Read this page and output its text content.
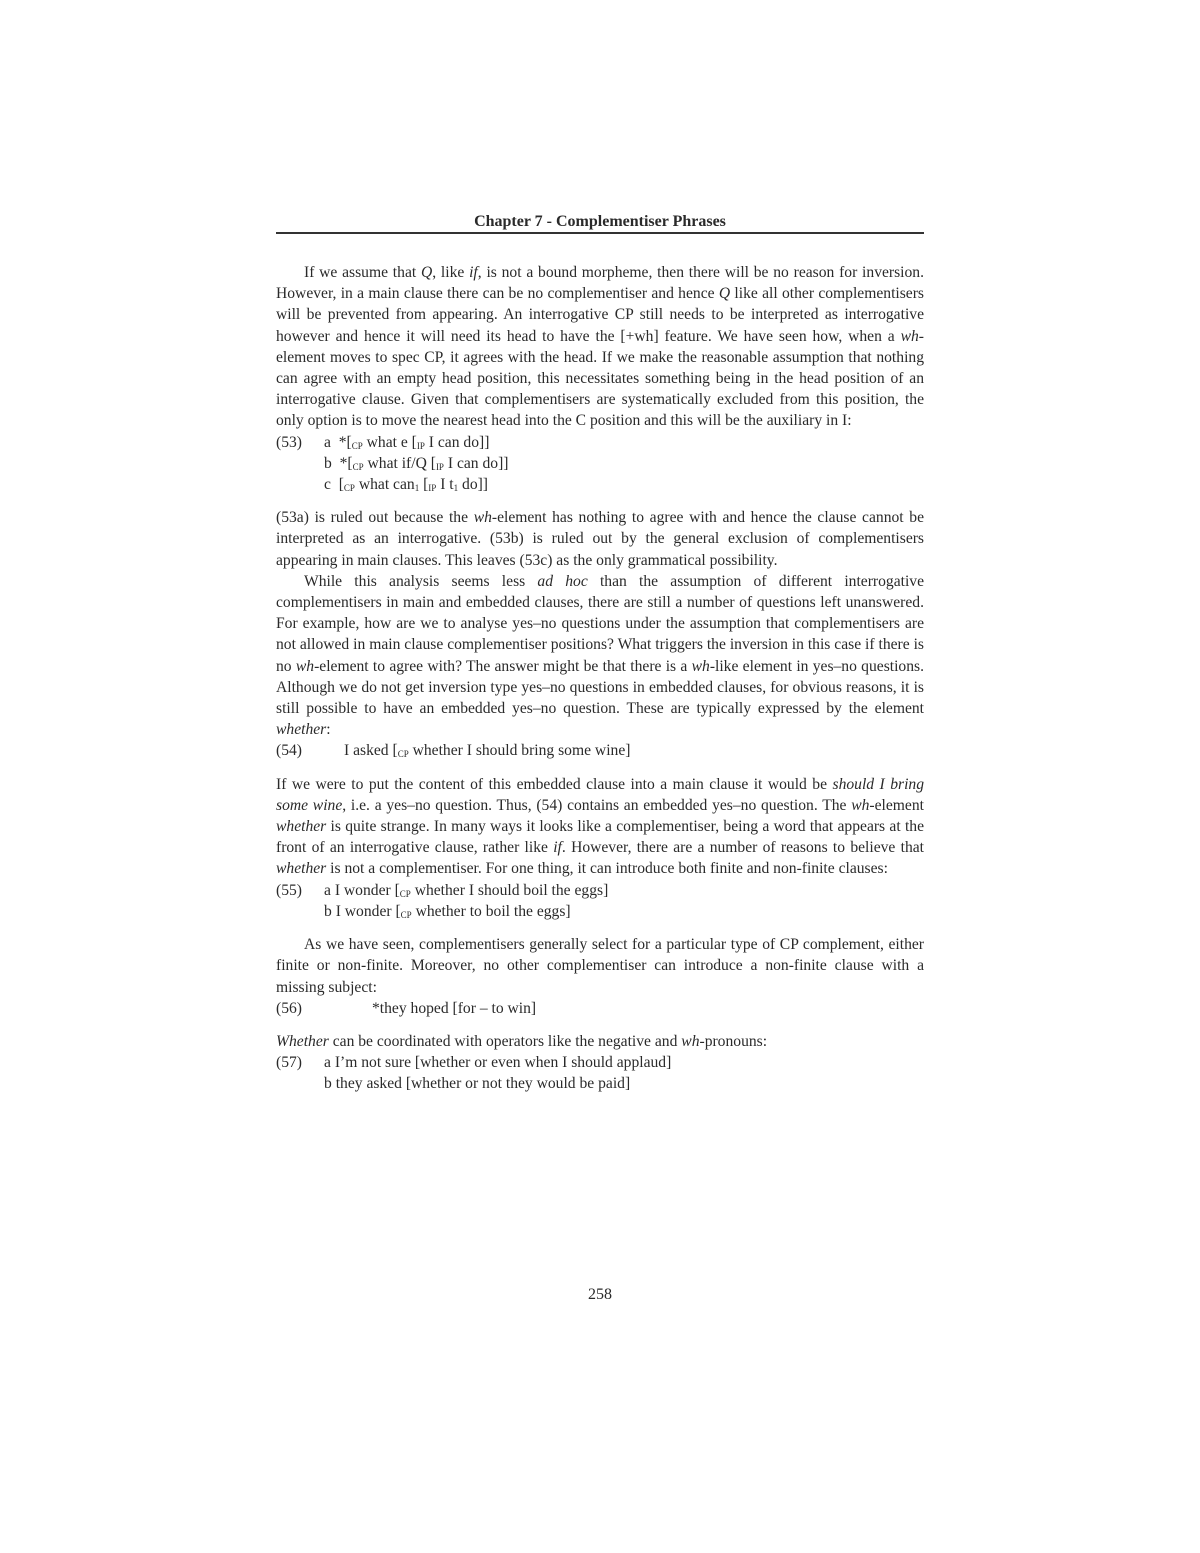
Chapter 7 - Complementiser Phrases

If we assume that Q, like if, is not a bound morpheme, then there will be no reason for inversion. However, in a main clause there can be no complementiser and hence Q like all other complementisers will be prevented from appearing. An interrogative CP still needs to be interpreted as interrogative however and hence it will need its head to have the [+wh] feature. We have seen how, when a wh-element moves to spec CP, it agrees with the head. If we make the reasonable assumption that nothing can agree with an empty head position, this necessitates something being in the head position of an interrogative clause. Given that complementisers are systematically excluded from this position, the only option is to move the nearest head into the C position and this will be the auxiliary in I:

(53)	a  $*[_{CP}$ what e [$_{IP}$ I can do]]
b  $*[_{CP}$ what if/Q [$_{IP}$ I can do]]
c  [$_{CP}$ what can$_1$ [$_{IP}$ I $t_1$ do]]

(53a) is ruled out because the wh-element has nothing to agree with and hence the clause cannot be interpreted as an interrogative. (53b) is ruled out by the general exclusion of complementisers appearing in main clauses. This leaves (53c) as the only grammatical possibility.

While this analysis seems less ad hoc than the assumption of different interrogative complementisers in main and embedded clauses, there are still a number of questions left unanswered. For example, how are we to analyse yes–no questions under the assumption that complementisers are not allowed in main clause complementiser positions? What triggers the inversion in this case if there is no wh-element to agree with? The answer might be that there is a wh-like element in yes–no questions. Although we do not get inversion type yes–no questions in embedded clauses, for obvious reasons, it is still possible to have an embedded yes–no question. These are typically expressed by the element whether:

(54)	I asked [$_{CP}$ whether I should bring some wine]

If we were to put the content of this embedded clause into a main clause it would be should I bring some wine, i.e. a yes–no question. Thus, (54) contains an embedded yes–no question. The wh-element whether is quite strange. In many ways it looks like a complementiser, being a word that appears at the front of an interrogative clause, rather like if. However, there are a number of reasons to believe that whether is not a complementiser. For one thing, it can introduce both finite and non-finite clauses:

(55)	a I wonder [$_{CP}$ whether I should boil the eggs]
b I wonder [$_{CP}$ whether to boil the eggs]

As we have seen, complementisers generally select for a particular type of CP complement, either finite or non-finite. Moreover, no other complementiser can introduce a non-finite clause with a missing subject:

(56)	*they hoped [for – to win]

Whether can be coordinated with operators like the negative and wh-pronouns:

(57)	a I’m not sure [whether or even when I should applaud]
b they asked [whether or not they would be paid]
258
